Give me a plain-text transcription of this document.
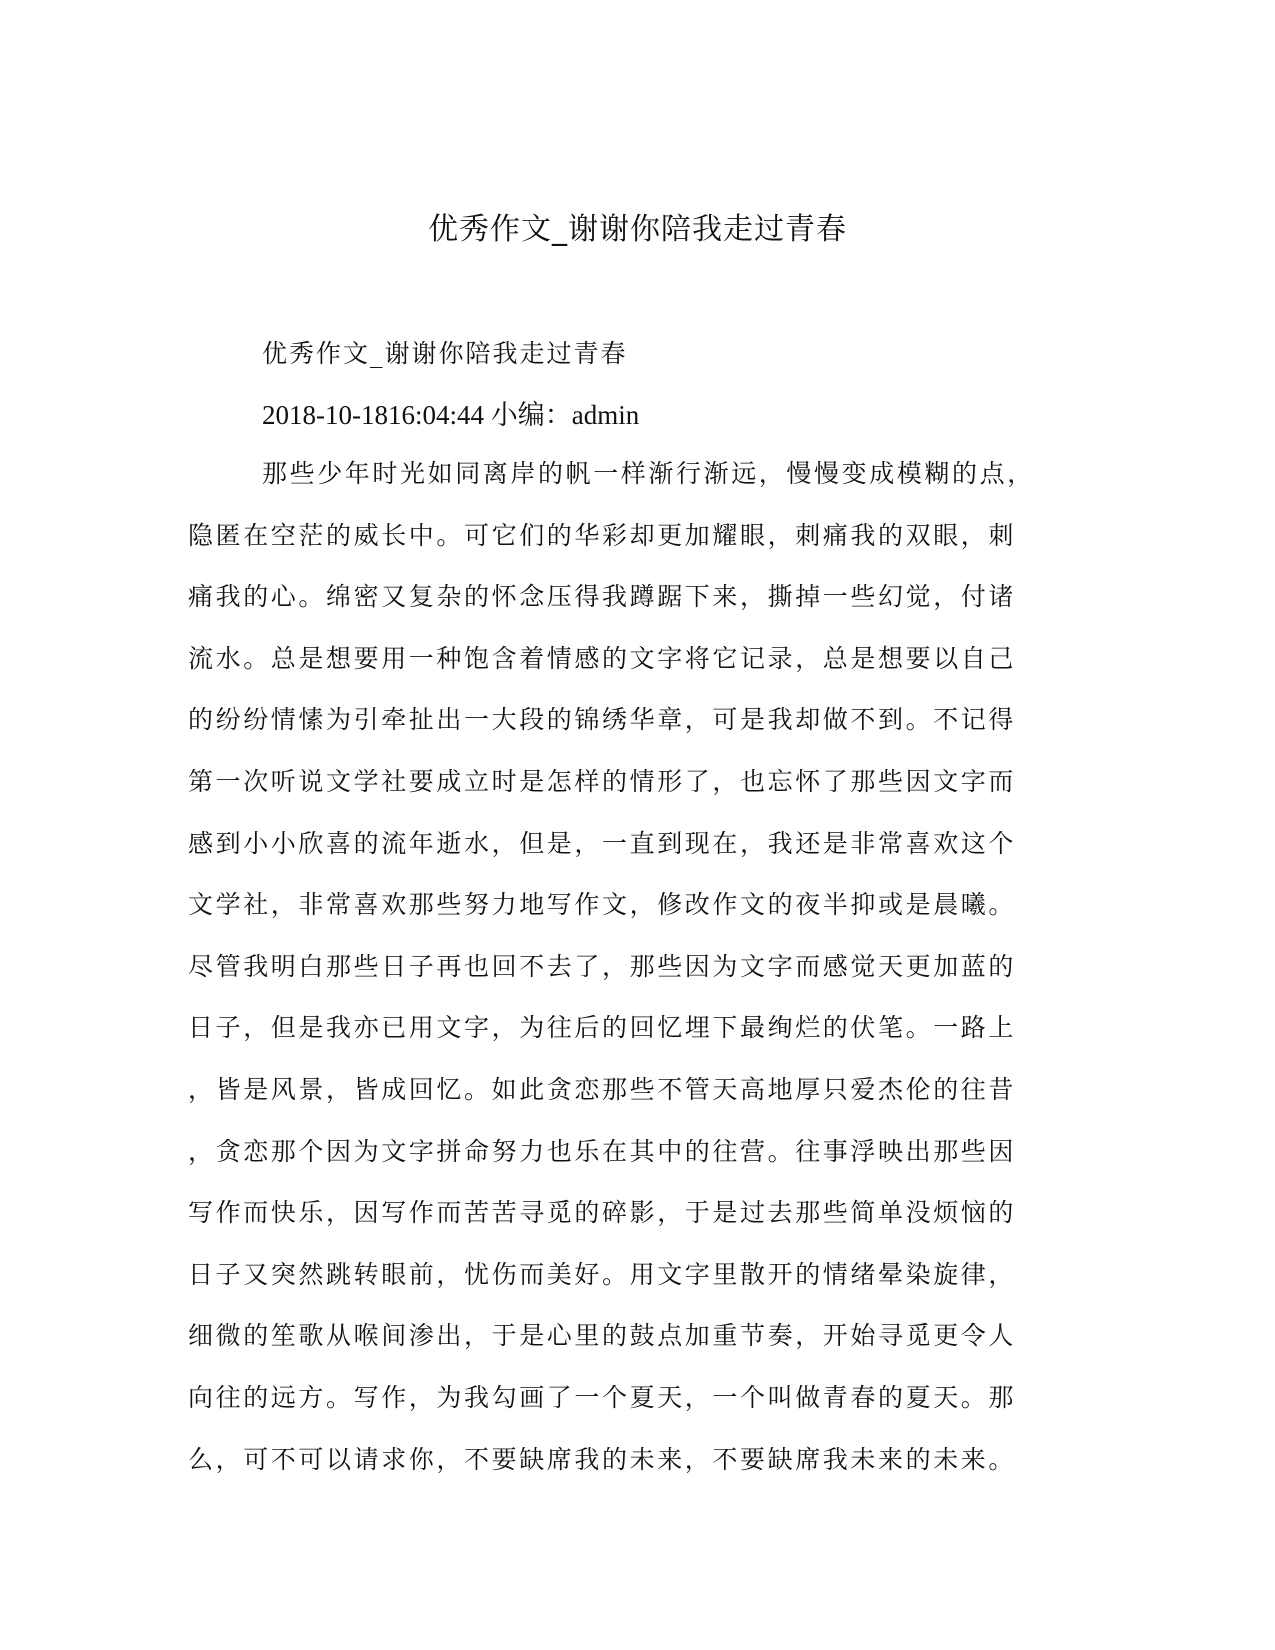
优秀作文_谢谢你陪我走过青春
优秀作文_谢谢你陪我走过青春
2018-10-1816:04:44 小编：admin
那些少年时光如同离岸的帆一样渐行渐远，慢慢变成模糊的点，
隐匿在空茫的威长中。可它们的华彩却更加耀眼，刺痛我的双眼，刺
痛我的心。绵密又复杂的怀念压得我蹲踞下来，撕掉一些幻觉，付诸
流水。总是想要用一种饱含着情感的文字将它记录，总是想要以自己
的纷纷情愫为引牵扯出一大段的锦绣华章，可是我却做不到。不记得
第一次听说文学社要成立时是怎样的情形了，也忘怀了那些因文字而
感到小小欣喜的流年逝水，但是，一直到现在，我还是非常喜欢这个
文学社，非常喜欢那些努力地写作文，修改作文的夜半抑或是晨曦。
尽管我明白那些日子再也回不去了，那些因为文字而感觉天更加蓝的
日子，但是我亦已用文字，为往后的回忆埋下最绚烂的伏笔。一路上
，皆是风景，皆成回忆。如此贪恋那些不管天高地厚只爱杰伦的往昔
，贪恋那个因为文字拼命努力也乐在其中的往营。往事浮映出那些因
写作而快乐，因写作而苦苦寻觅的碎影，于是过去那些简单没烦恼的
日子又突然跳转眼前，忧伤而美好。用文字里散开的情绪晕染旋律，
细微的笙歌从喉间渗出，于是心里的鼓点加重节奏，开始寻觅更令人
向往的远方。写作，为我勾画了一个夏天，一个叫做青春的夏天。那
么，可不可以请求你，不要缺席我的未来，不要缺席我未来的未来。
